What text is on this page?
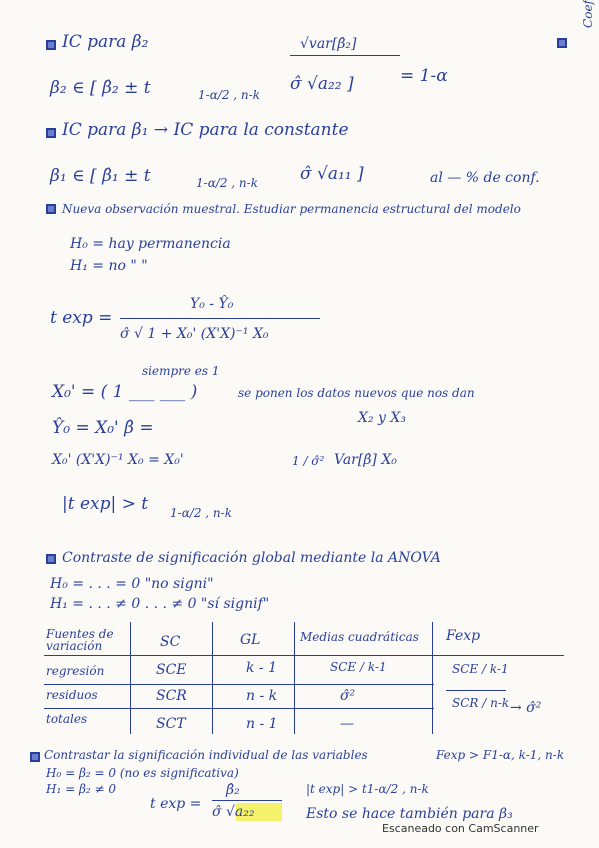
Coef
IC para β₂	√var[β̂₂]
β₂ ∈ [ β̂₂ ± t	1-α/2 , n-k
σ̂ √a₂₂ ]	= 1-α
IC para β₁ → IC para la constante
β₁ ∈ [ β̂₁ ± t	1-α/2 , n-k σ̂ √a₁₁ ]	al — % de conf.
Nueva observación muestral. Estudiar permanencia estructural del modelo
H₀ = hay permanencia
H₁ = no " "
t exp =
Y₀ - Ŷ₀
σ̂ √ 1 + X₀' (X'X)⁻¹ X₀
siempre es 1
X₀' = ( 1 ___ ___ )	se ponen los datos nuevos que nos dan
X₂ y X₃
Ŷ₀ = X₀' β̂ =
X₀' (X'X)⁻¹ X₀ = X₀'	1 / σ̂² Var[β̂] X₀
|t exp| > t 1-α/2 , n-k
Contraste de significación global mediante la ANOVA
H₀ = . . . = 0 "no signi"
H₁ = . . . ≠ 0 . . . ≠ 0 "sí signif"
Fuentes de variación	SC	GL	Medias cuadráticas Fexp
regresión	SCE	k - 1	SCE / k-1
residuos	SCR	n - k	σ̂²
totales	SCT	n - 1	—
SCE / k-1
SCR / n-k → σ̂²
Contrastar la significación individual de las variables	Fexp > F1-α, k-1, n-k
H₀ = β₂ = 0 (no es significativa)
H₁ = β₂ ≠ 0
t exp =
β̂₂
σ̂ √a₂₂
|t exp| > t1-α/2 , n-k
Esto se hace también para β₃
Escaneado con CamScanner
